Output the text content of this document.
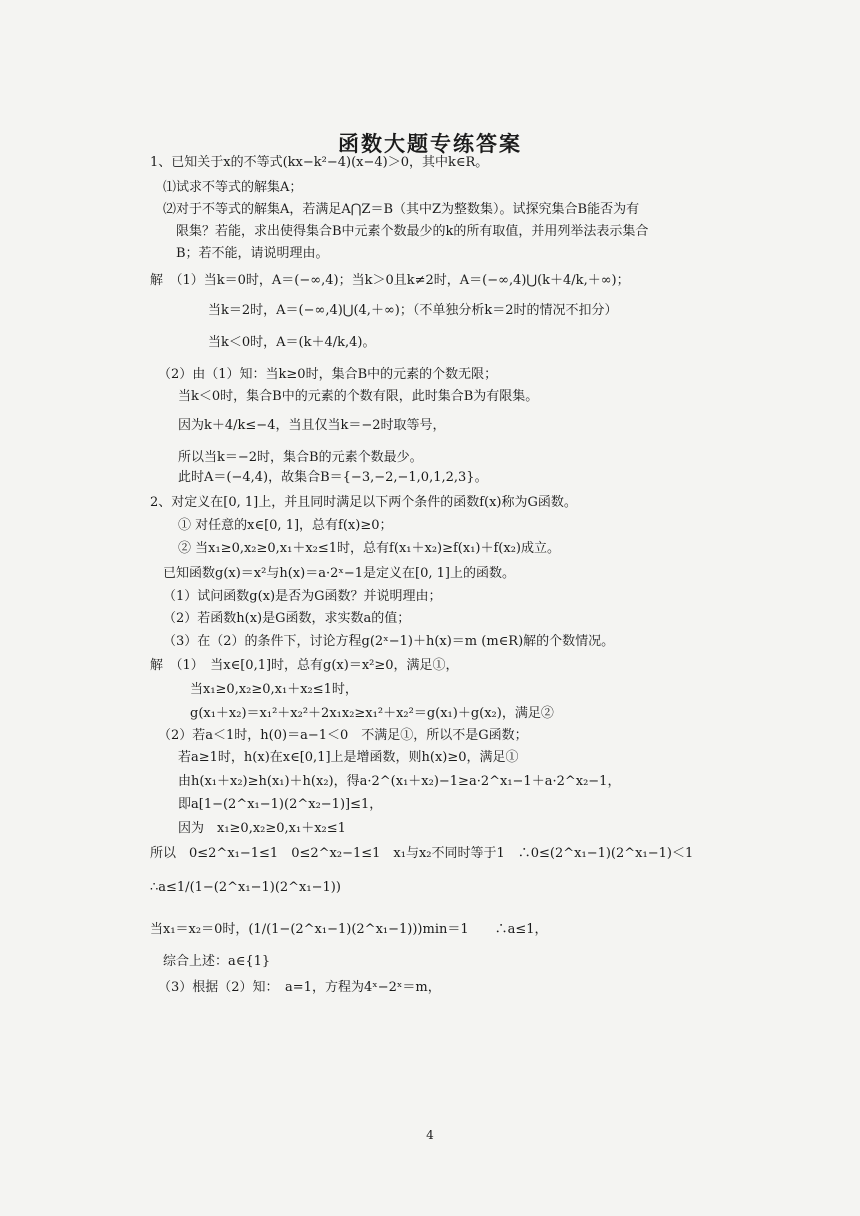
函数大题专练答案
1、已知关于x的不等式(kx−k²−4)(x−4)＞0，其中k∈R。
⑴试求不等式的解集A；
⑵对于不等式的解集A，若满足A⋂Z＝B（其中Z为整数集）。试探究集合B能否为有
限集？若能，求出使得集合B中元素个数最少的k的所有取值，并用列举法表示集合
B；若不能，请说明理由。
解　（1）当k＝0时，A＝(−∞,4)；当k＞0且k≠2时，A＝(−∞,4)⋃(k＋4/k,＋∞)；
当k＝2时，A＝(−∞,4)⋃(4,＋∞)；（不单独分析k＝2时的情况不扣分）
当k＜0时，A＝(k＋4/k,4)。
（2）由（1）知：当k≥0时，集合B中的元素的个数无限；
当k＜0时，集合B中的元素的个数有限，此时集合B为有限集。
因为k＋4/k≤−4，当且仅当k＝−2时取等号，
所以当k＝−2时，集合B的元素个数最少。
此时A＝(−4,4)，故集合B＝{−3,−2,−1,0,1,2,3}。
2、对定义在[0, 1]上，并且同时满足以下两个条件的函数f(x)称为G函数。
① 对任意的x∈[0, 1]，总有f(x)≥0；
② 当x₁≥0,x₂≥0,x₁＋x₂≤1时，总有f(x₁＋x₂)≥f(x₁)＋f(x₂)成立。
已知函数g(x)＝x²与h(x)＝a·2ˣ−1是定义在[0, 1]上的函数。
（1）试问函数g(x)是否为G函数？并说明理由；
（2）若函数h(x)是G函数，求实数a的值；
（3）在（2）的条件下，讨论方程g(2ˣ−1)＋h(x)＝m (m∈R)解的个数情况。
解　（1）　当x∈[0,1]时，总有g(x)＝x²≥0，满足①，
当x₁≥0,x₂≥0,x₁＋x₂≤1时，
g(x₁＋x₂)＝x₁²＋x₂²＋2x₁x₂≥x₁²＋x₂²＝g(x₁)＋g(x₂)，满足②
（2）若a＜1时，h(0)＝a−1＜0　不满足①，所以不是G函数；
若a≥1时，h(x)在x∈[0,1]上是增函数，则h(x)≥0，满足①
由h(x₁＋x₂)≥h(x₁)＋h(x₂)，得a·2^(x₁＋x₂)−1≥a·2^x₁−1＋a·2^x₂−1，
即a[1−(2^x₁−1)(2^x₂−1)]≤1，
因为　x₁≥0,x₂≥0,x₁＋x₂≤1
所以　0≤2^x₁−1≤1　0≤2^x₂−1≤1　x₁与x₂不同时等于1　∴0≤(2^x₁−1)(2^x₁−1)＜1
∴a≤1/(1−(2^x₁−1)(2^x₁−1))
当x₁＝x₂＝0时，(1/(1−(2^x₁−1)(2^x₁−1)))min＝1　　∴a≤1，
综合上述：a∈{1}
（3）根据（2）知：　a=1，方程为4ˣ−2ˣ＝m，
4
